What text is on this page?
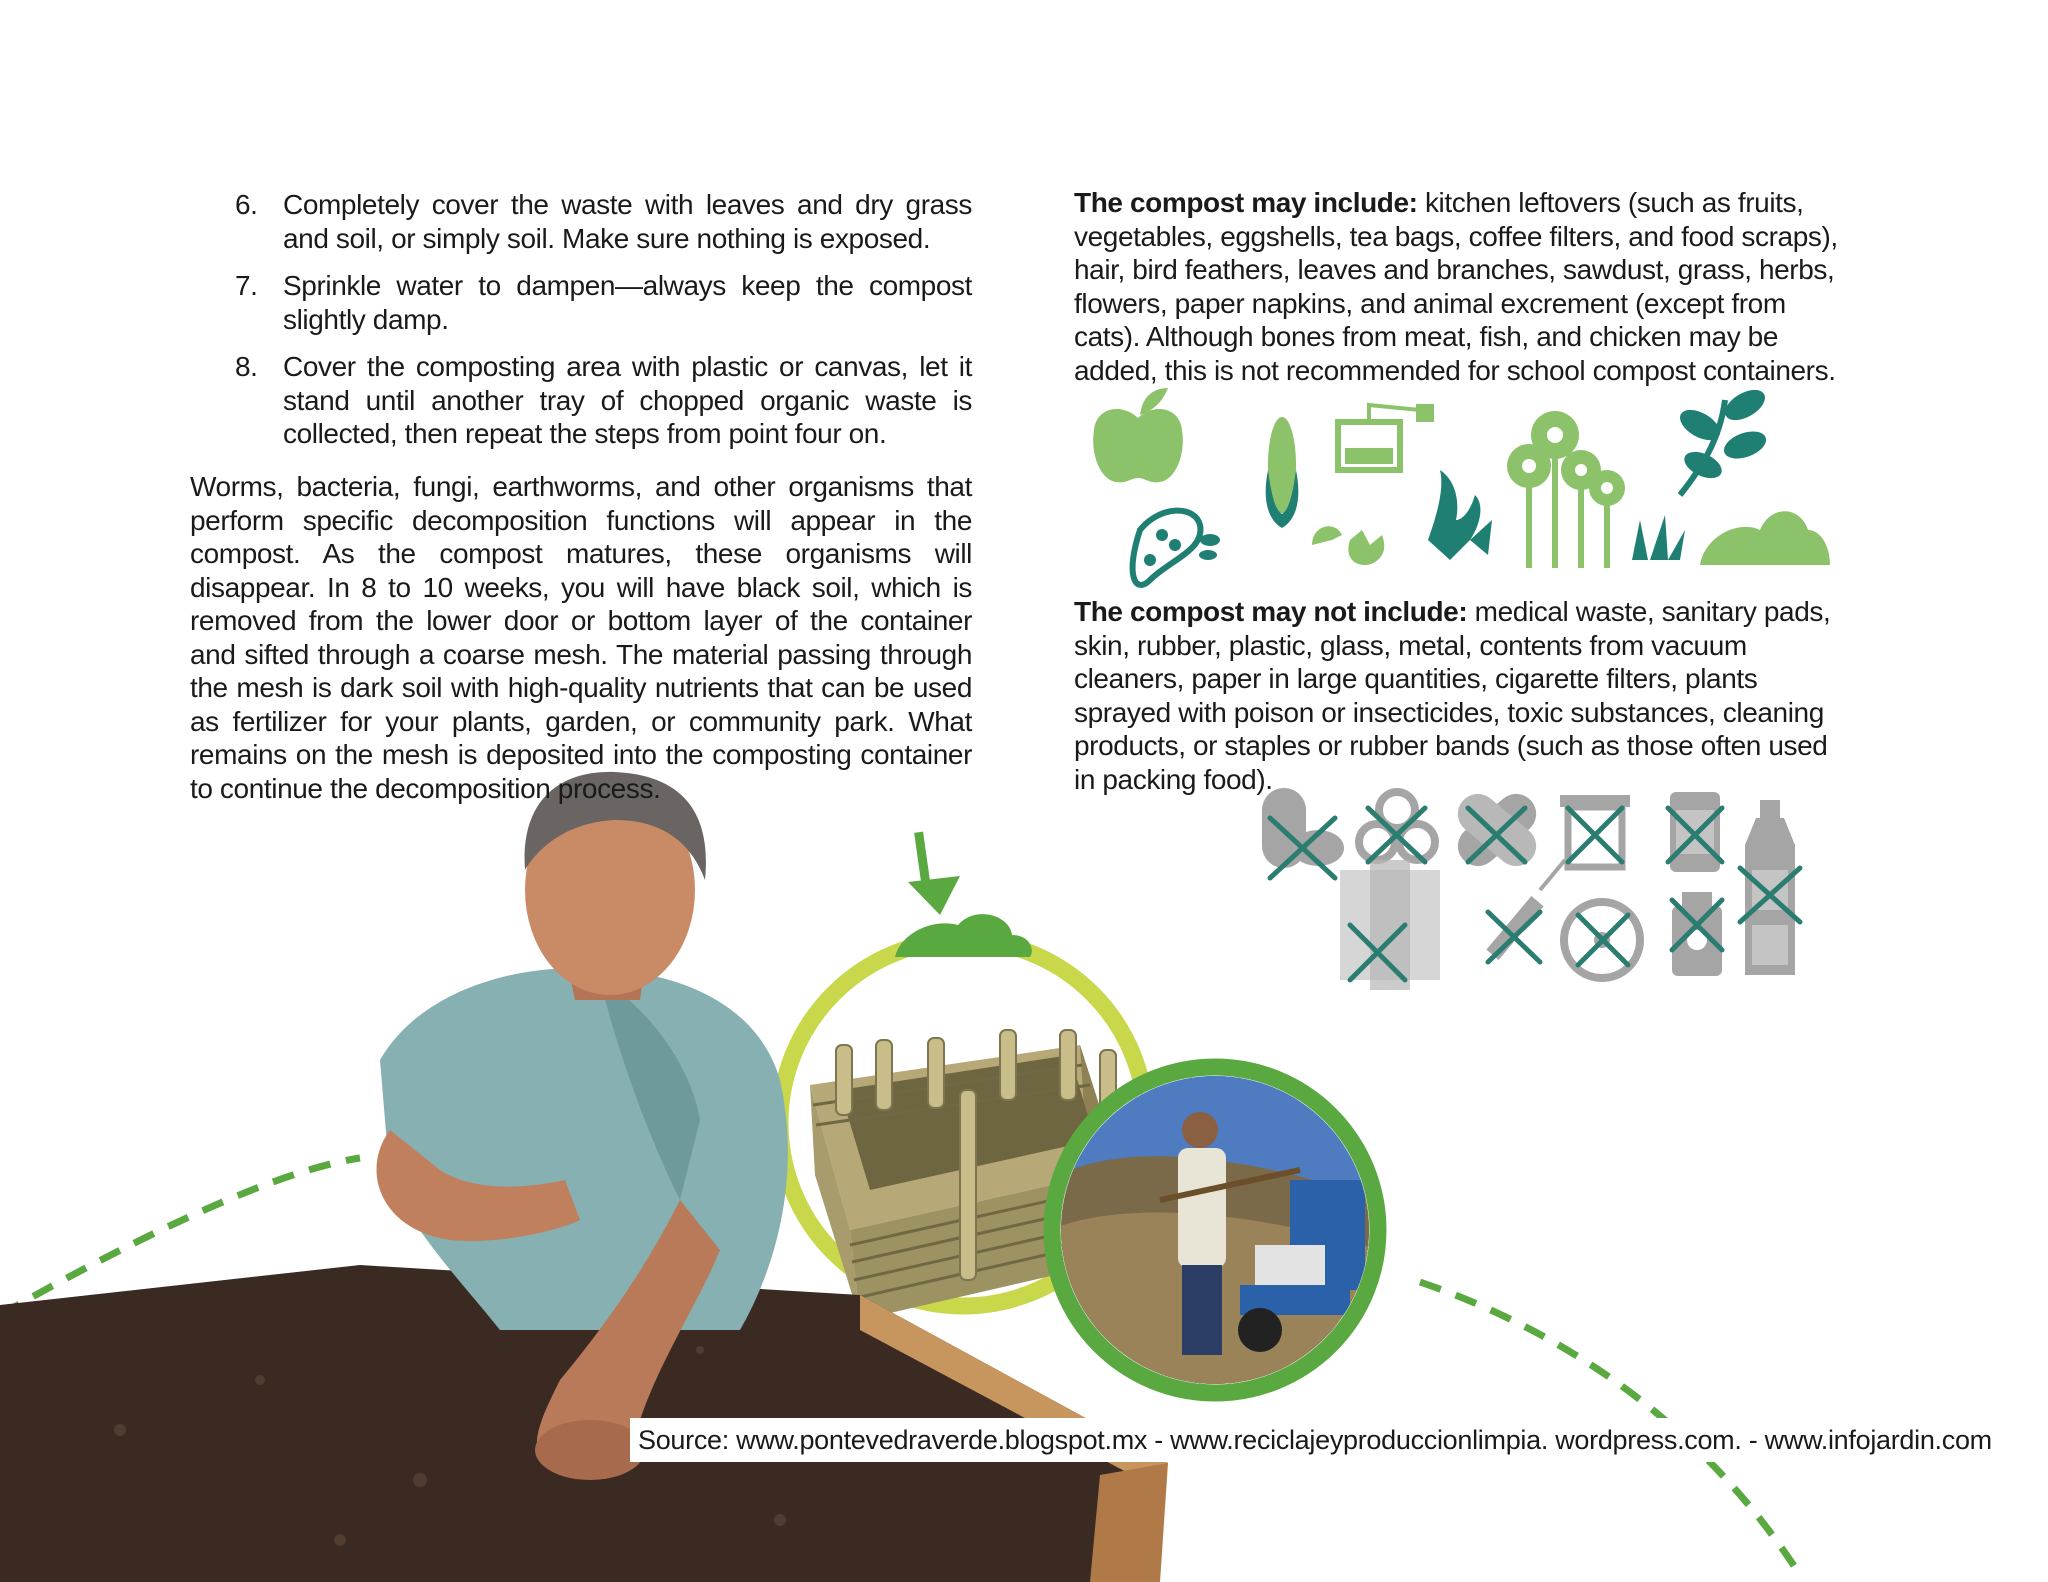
6. Completely cover the waste with leaves and dry grass and soil, or simply soil. Make sure nothing is exposed.
7. Sprinkle water to dampen—always keep the compost slightly damp.
8. Cover the composting area with plastic or canvas, let it stand until another tray of chopped organic waste is collected, then repeat the steps from point four on.

Worms, bacteria, fungi, earthworms, and other organisms that perform specific decomposition functions will appear in the compost. As the compost matures, these organisms will disappear. In 8 to 10 weeks, you will have black soil, which is removed from the lower door or bottom layer of the container and sifted through a coarse mesh. The material passing through the mesh is dark soil with high-quality nutrients that can be used as fertilizer for your plants, garden, or community park. What remains on the mesh is deposited into the composting container to continue the decomposition process.

The compost may include: kitchen leftovers (such as fruits, vegetables, eggshells, tea bags, coffee filters, and food scraps), hair, bird feathers, leaves and branches, sawdust, grass, herbs, flowers, paper napkins, and animal excrement (except from cats). Although bones from meat, fish, and chicken may be added, this is not recommended for school compost containers.

The compost may not include: medical waste, sanitary pads, skin, rubber, plastic, glass, metal, contents from vacuum cleaners, paper in large quantities, cigarette filters, plants sprayed with poison or insecticides, toxic substances, cleaning products, or staples or rubber bands (such as those often used in packing food).

Source: www.pontevedraverde.blogspot.mx - www.reciclajeyproduccionlimpia. wordpress.com. - www.infojardin.com
